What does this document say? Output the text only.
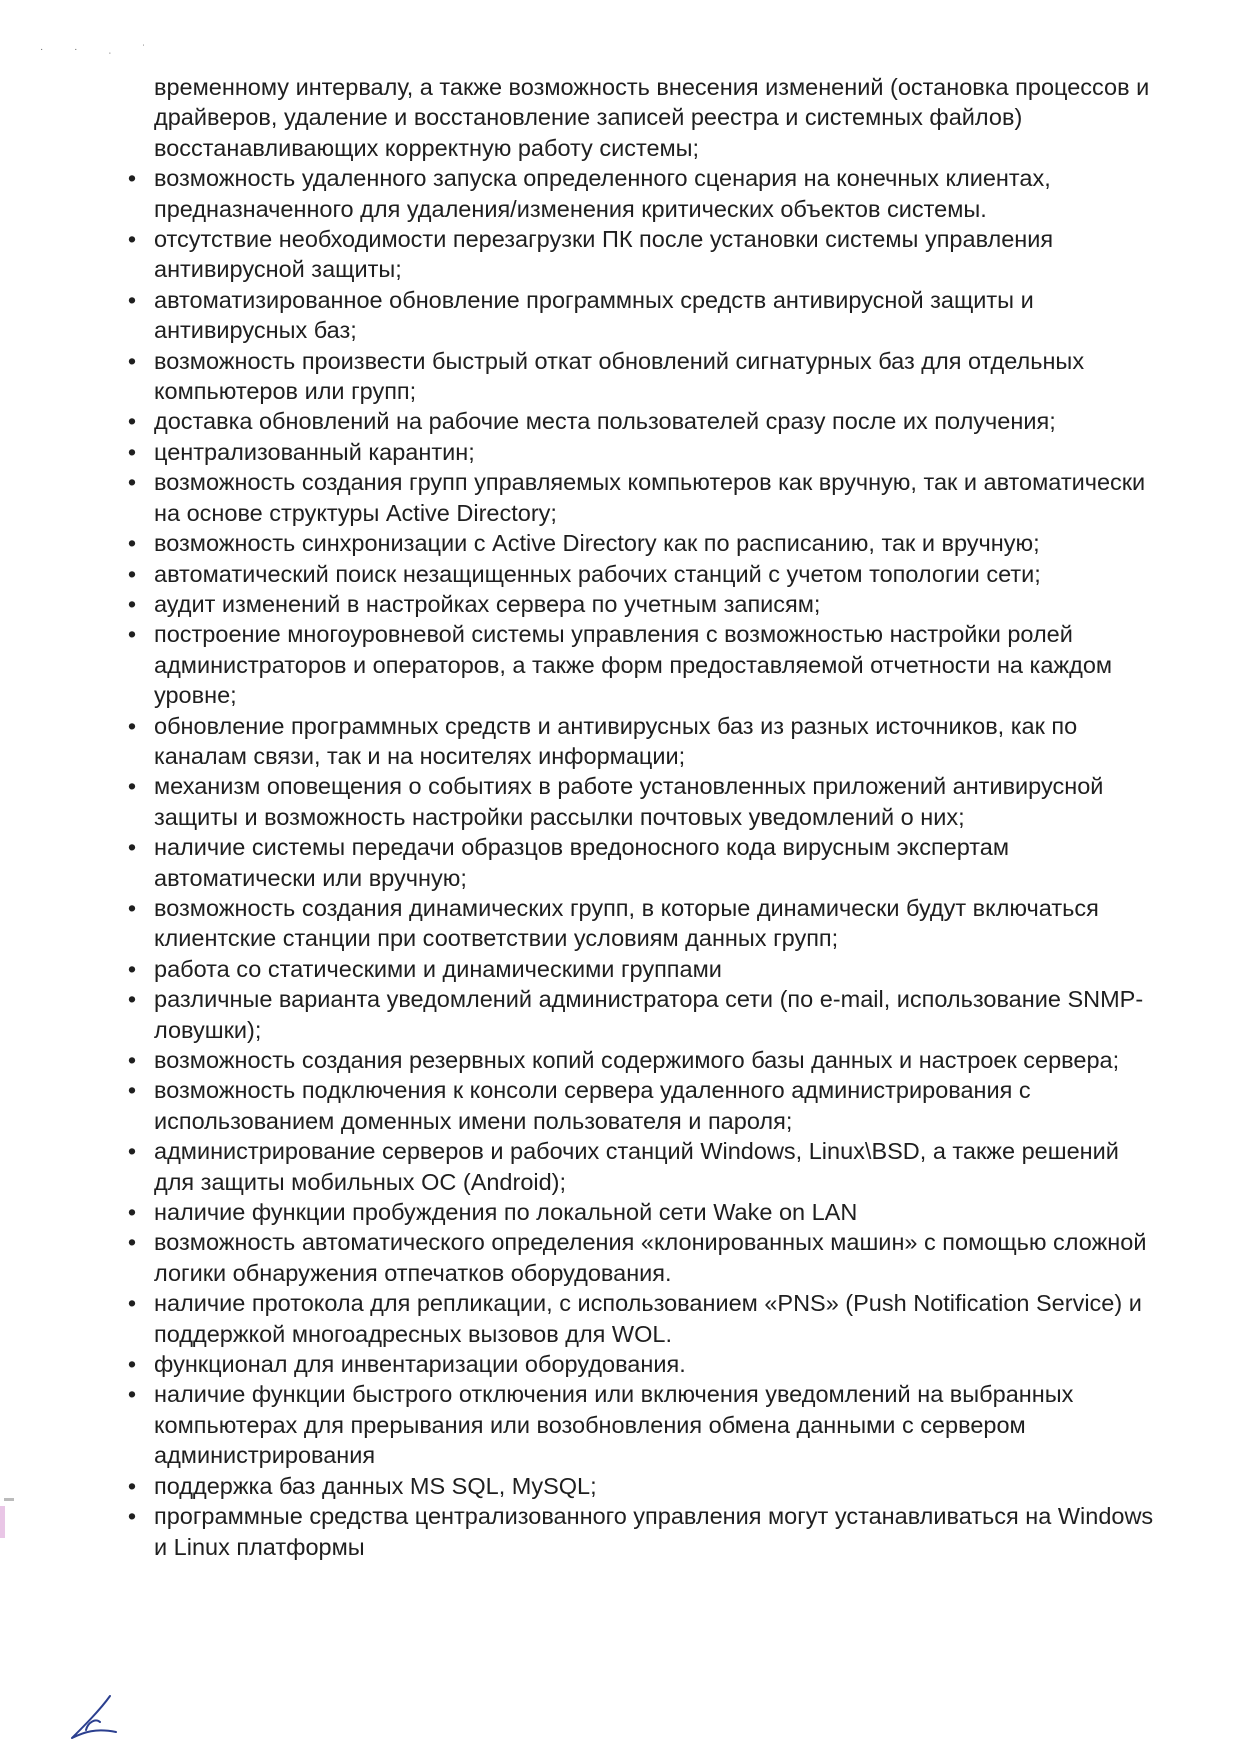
· · ˌ ˙

временному интервалу, а также возможность внесения изменений (остановка процессов и драйверов, удаление и восстановление записей реестра и системных файлов) восстанавливающих корректную работу системы;

• возможность удаленного запуска определенного сценария на конечных клиентах, предназначенного для удаления/изменения критических объектов системы.
• отсутствие необходимости перезагрузки ПК после установки системы управления антивирусной защиты;
• автоматизированное обновление программных средств антивирусной защиты и антивирусных баз;
• возможность произвести быстрый откат обновлений сигнатурных баз для отдельных компьютеров или групп;
• доставка обновлений на рабочие места пользователей сразу после их получения;
• централизованный карантин;
• возможность создания групп управляемых компьютеров как вручную, так и автоматически на основе структуры Active Directory;
• возможность синхронизации с Active Directory как по расписанию, так и вручную;
• автоматический поиск незащищенных рабочих станций с учетом топологии сети;
• аудит изменений в настройках сервера по учетным записям;
• построение многоуровневой системы управления с возможностью настройки ролей администраторов и операторов, а также форм предоставляемой отчетности на каждом уровне;
• обновление программных средств и антивирусных баз из разных источников, как по каналам связи, так и на носителях информации;
• механизм оповещения о событиях в работе установленных приложений антивирусной защиты и возможность настройки рассылки почтовых уведомлений о них;
• наличие системы передачи образцов вредоносного кода вирусным экспертам автоматически или вручную;
• возможность создания динамических групп, в которые динамически будут включаться клиентские станции при соответствии условиям данных групп;
• работа со статическими и динамическими группами
• различные варианта уведомлений администратора сети (по e-mail, использование SNMP-ловушки);
• возможность создания резервных копий содержимого базы данных и настроек сервера;
• возможность подключения к консоли сервера удаленного администрирования с использованием доменных имени пользователя и пароля;
• администрирование серверов и рабочих станций Windows, Linux\BSD, а также решений для защиты мобильных ОС (Android);
• наличие функции пробуждения по локальной сети Wake on LAN
• возможность автоматического определения «клонированных машин» с помощью сложной логики обнаружения отпечатков оборудования.
• наличие протокола для репликации, с использованием «PNS» (Push Notification Service) и поддержкой многоадресных вызовов для WOL.
• функционал для инвентаризации оборудования.
• наличие функции быстрого отключения или включения уведомлений на выбранных компьютерах для прерывания или возобновления обмена данными с сервером администрирования
• поддержка баз данных MS SQL, MySQL;
• программные средства централизованного управления могут устанавливаться на Windows и Linux платформы
